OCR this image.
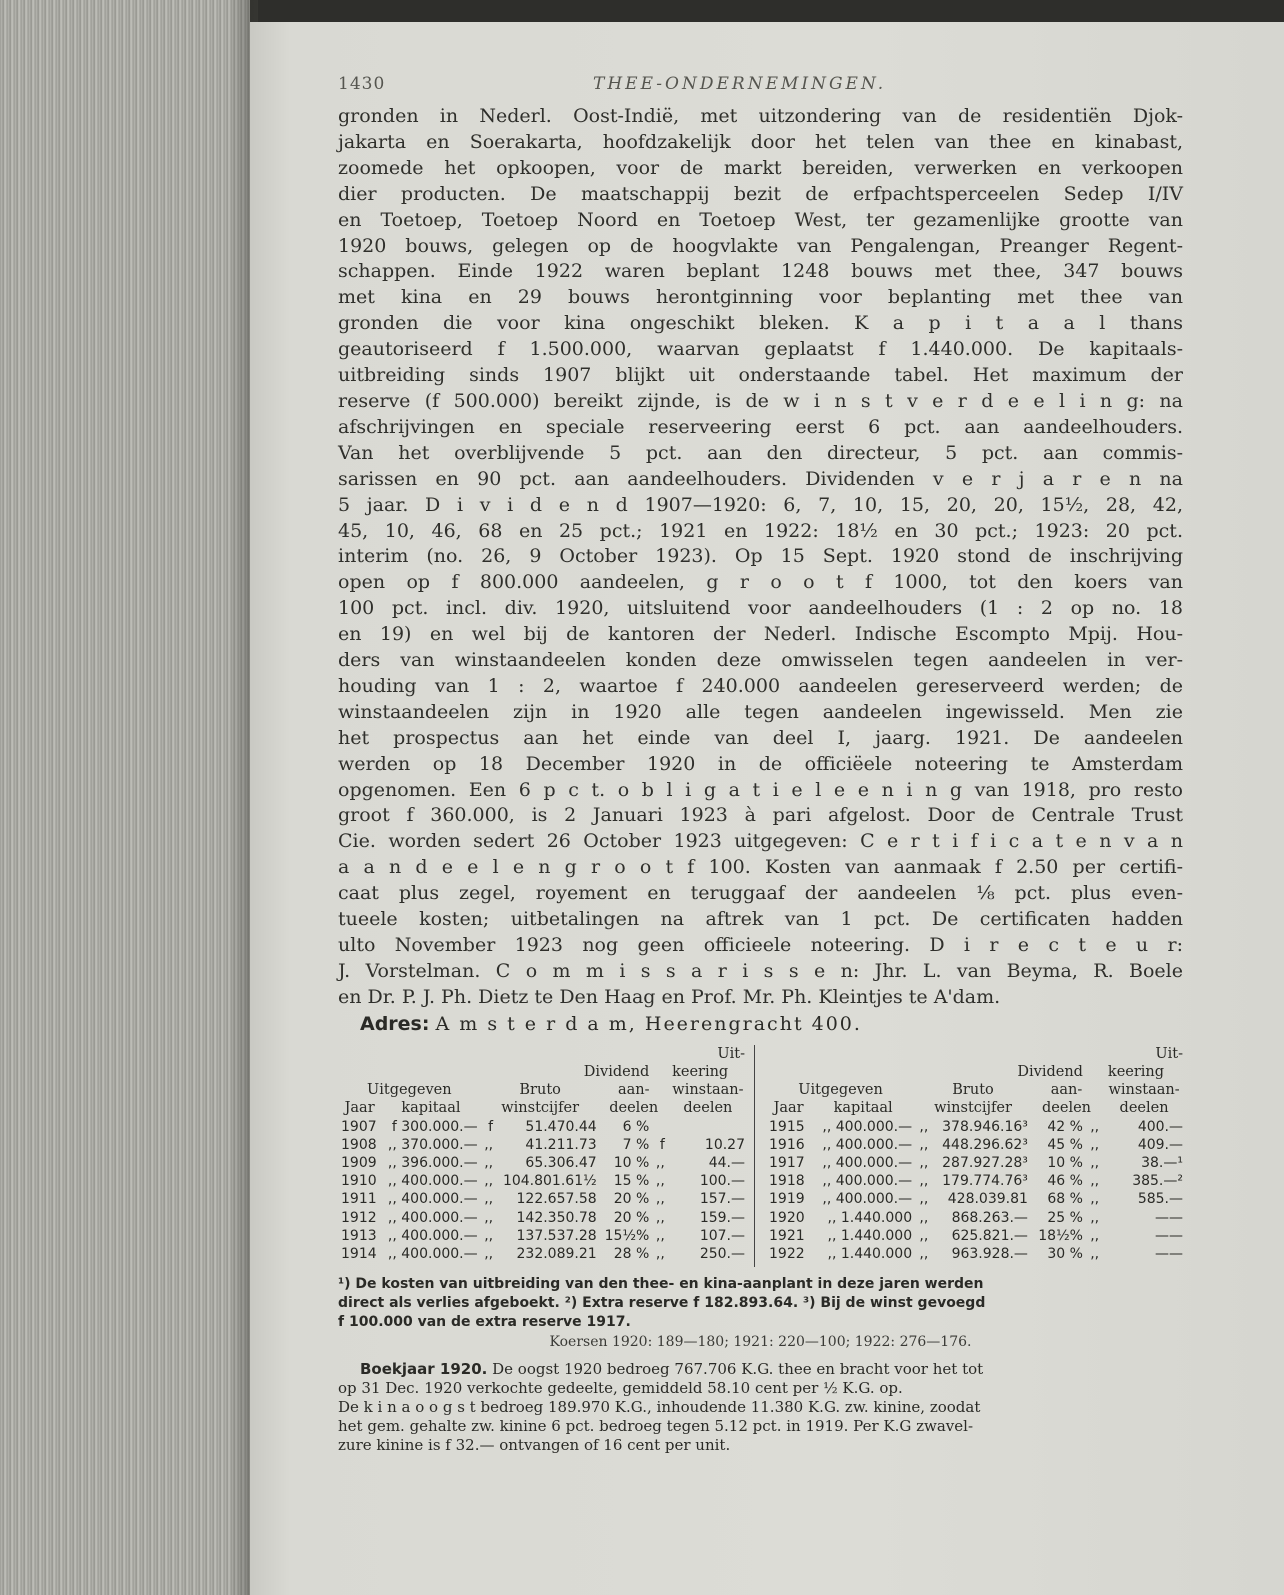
1430	THEE-ONDERNEMINGEN.

gronden in Nederl. Oost-Indië, met uitzondering van de residentiën Djok-

jakarta en Soerakarta, hoofdzakelijk door het telen van thee en kinabast,

zoomede het opkoopen, voor de markt bereiden, verwerken en verkoopen

dier producten. De maatschappij bezit de erfpachtsperceelen Sedep I/IV

en Toetoep, Toetoep Noord en Toetoep West, ter gezamenlijke grootte van

1920 bouws, gelegen op de hoogvlakte van Pengalengan, Preanger Regent-

schappen. Einde 1922 waren beplant 1248 bouws met thee, 347 bouws

met kina en 29 bouws herontginning voor beplanting met thee van

gronden die voor kina ongeschikt bleken. K a p i t a a l thans

geautoriseerd f 1.500.000, waarvan geplaatst f 1.440.000. De kapitaals-

uitbreiding sinds 1907 blijkt uit onderstaande tabel. Het maximum der

reserve (f 500.000) bereikt zijnde, is de w i n s t v e r d e e l i n g: na

afschrijvingen en speciale reserveering eerst 6 pct. aan aandeelhouders.

Van het overblijvende 5 pct. aan den directeur, 5 pct. aan commis-

sarissen en 90 pct. aan aandeelhouders. Dividenden v e r j a r e n na

5 jaar. D i v i d e n d 1907—1920: 6, 7, 10, 15, 20, 20, 15½, 28, 42,

45, 10, 46, 68 en 25 pct.; 1921 en 1922: 18½ en 30 pct.; 1923: 20 pct.

interim (no. 26, 9 October 1923). Op 15 Sept. 1920 stond de inschrijving

open op f 800.000 aandeelen, g r o o t f 1000, tot den koers van

100 pct. incl. div. 1920, uitsluitend voor aandeelhouders (1 : 2 op no. 18

en 19) en wel bij de kantoren der Nederl. Indische Escompto Mpij. Hou-

ders van winstaandeelen konden deze omwisselen tegen aandeelen in ver-

houding van 1 : 2, waartoe f 240.000 aandeelen gereserveerd werden; de

winstaandeelen zijn in 1920 alle tegen aandeelen ingewisseld. Men zie

het prospectus aan het einde van deel I, jaarg. 1921. De aandeelen

werden op 18 December 1920 in de officiëele noteering te Amsterdam

opgenomen. Een 6 p c t. o b l i g a t i e l e e n i n g van 1918, pro resto

groot f 360.000, is 2 Januari 1923 à pari afgelost. Door de Centrale Trust

Cie. worden sedert 26 October 1923 uitgegeven: C e r t i f i c a t e n v a n

a a n d e e l e n g r o o t f 100. Kosten van aanmaak f 2.50 per certifi-

caat plus zegel, royement en teruggaaf der aandeelen ⅛ pct. plus even-

tueele kosten; uitbetalingen na aftrek van 1 pct. De certificaten hadden

ulto November 1923 nog geen officieele noteering. D i r e c t e u r:

J. Vorstelman. C o m m i s s a r i s s e n: Jhr. L. van Beyma, R. Boele

en Dr. P. J. Ph. Dietz te Den Haag en Prof. Mr. Ph. Kleintjes te A'dam.

Adres: A m s t e r d a m, Heerengracht 400.
				Uit-		
			Dividend		keering	
Uitgegeven		Bruto		aan-		winstaan-
Jaar	kapitaal	winstcijfer		deelen		deelen
1907	f 300.000.—	f	51.470.44	6 %		
1908	,, 370.000.—	,,	41.211.73	7 %	f	10.27
1909	,, 396.000.—	,,	65.306.47	10 %	,,	44.—
1910	,, 400.000.—	,,	104.801.61½	15 %	,,	100.—
1911	,, 400.000.—	,,	122.657.58	20 %	,,	157.—
1912	,, 400.000.—	,,	142.350.78	20 %	,,	159.—
1913	,, 400.000.—	,,	137.537.28	15½%	,,	107.—
1914	,, 400.000.—	,,	232.089.21	28 %	,,	250.—
				Uit-		
			Dividend		keering	
Uitgegeven		Bruto		aan-		winstaan-
Jaar	kapitaal	winstcijfer		deelen		deelen
1915	,, 400.000.—	,,	378.946.16³	42 %	,,	400.—
1916	,, 400.000.—	,,	448.296.62³	45 %	,,	409.—
1917	,, 400.000.—	,,	287.927.28³	10 %	,,	38.—¹
1918	,, 400.000.—	,,	179.774.76³	46 %	,,	385.—²
1919	,, 400.000.—	,,	428.039.81	68 %	,,	585.—
1920	,, 1.440.000	,,	868.263.—	25 %	,,	——
1921	,, 1.440.000	,,	625.821.—	18½%	,,	——
1922	,, 1.440.000	,,	963.928.—	30 %	,,	——

¹) De kosten van uitbreiding van den thee- en kina-aanplant in deze jaren werden

direct als verlies afgeboekt. ²) Extra reserve f 182.893.64. ³) Bij de winst gevoegd

f 100.000 van de extra reserve 1917.

Koersen 1920: 189—180; 1921: 220—100; 1922: 276—176.

Boekjaar 1920. De oogst 1920 bedroeg 767.706 K.G. thee en bracht voor het tot

op 31 Dec. 1920 verkochte gedeelte, gemiddeld 58.10 cent per ½ K.G. op.

De k i n a o o g s t bedroeg 189.970 K.G., inhoudende 11.380 K.G. zw. kinine, zoodat

het gem. gehalte zw. kinine 6 pct. bedroeg tegen 5.12 pct. in 1919. Per K.G zwavel-

zure kinine is f 32.— ontvangen of 16 cent per unit.
